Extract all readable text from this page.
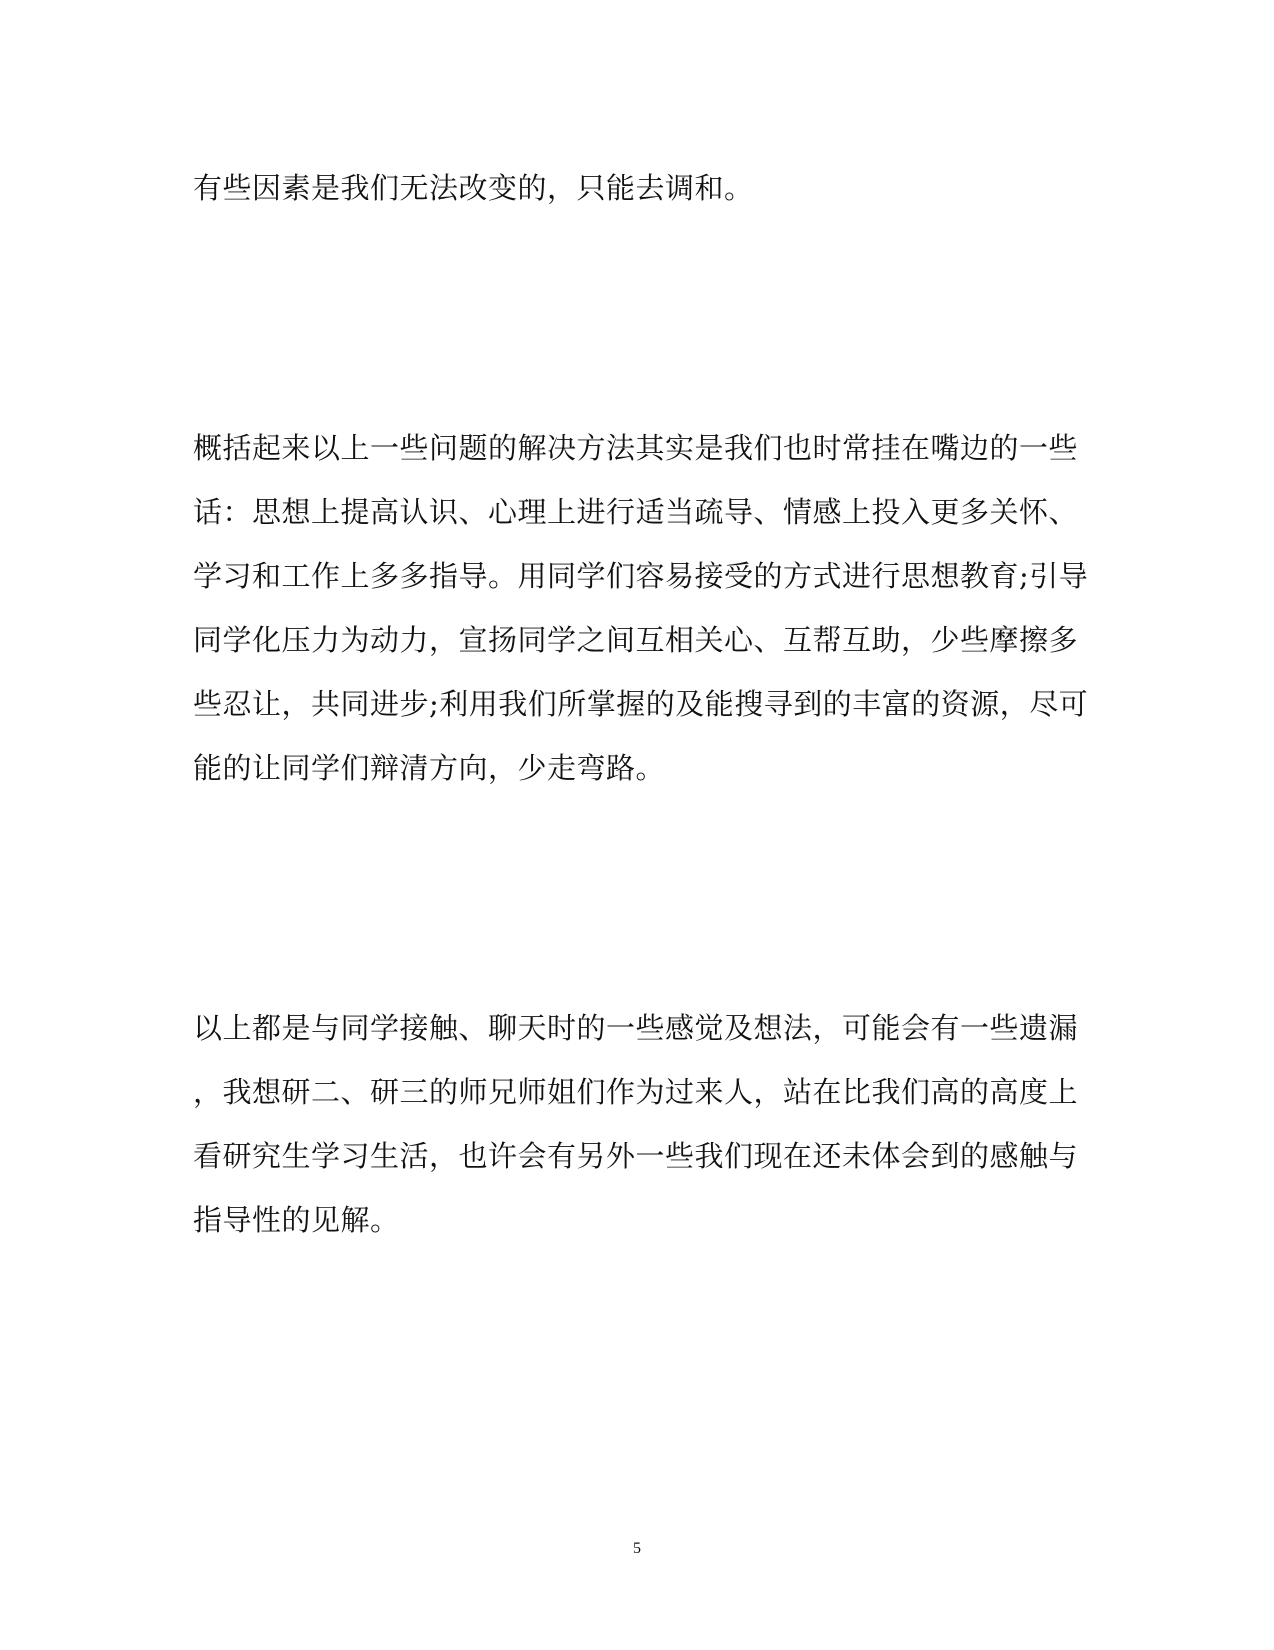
有些因素是我们无法改变的，只能去调和。
概括起来以上一些问题的解决方法其实是我们也时常挂在嘴边的一些
话：思想上提高认识、心理上进行适当疏导、情感上投入更多关怀、
学习和工作上多多指导。用同学们容易接受的方式进行思想教育;引导
同学化压力为动力，宣扬同学之间互相关心、互帮互助，少些摩擦多
些忍让，共同进步;利用我们所掌握的及能搜寻到的丰富的资源，尽可
能的让同学们辩清方向，少走弯路。
以上都是与同学接触、聊天时的一些感觉及想法，可能会有一些遗漏
，我想研二、研三的师兄师姐们作为过来人，站在比我们高的高度上
看研究生学习生活，也许会有另外一些我们现在还未体会到的感触与
指导性的见解。
5
